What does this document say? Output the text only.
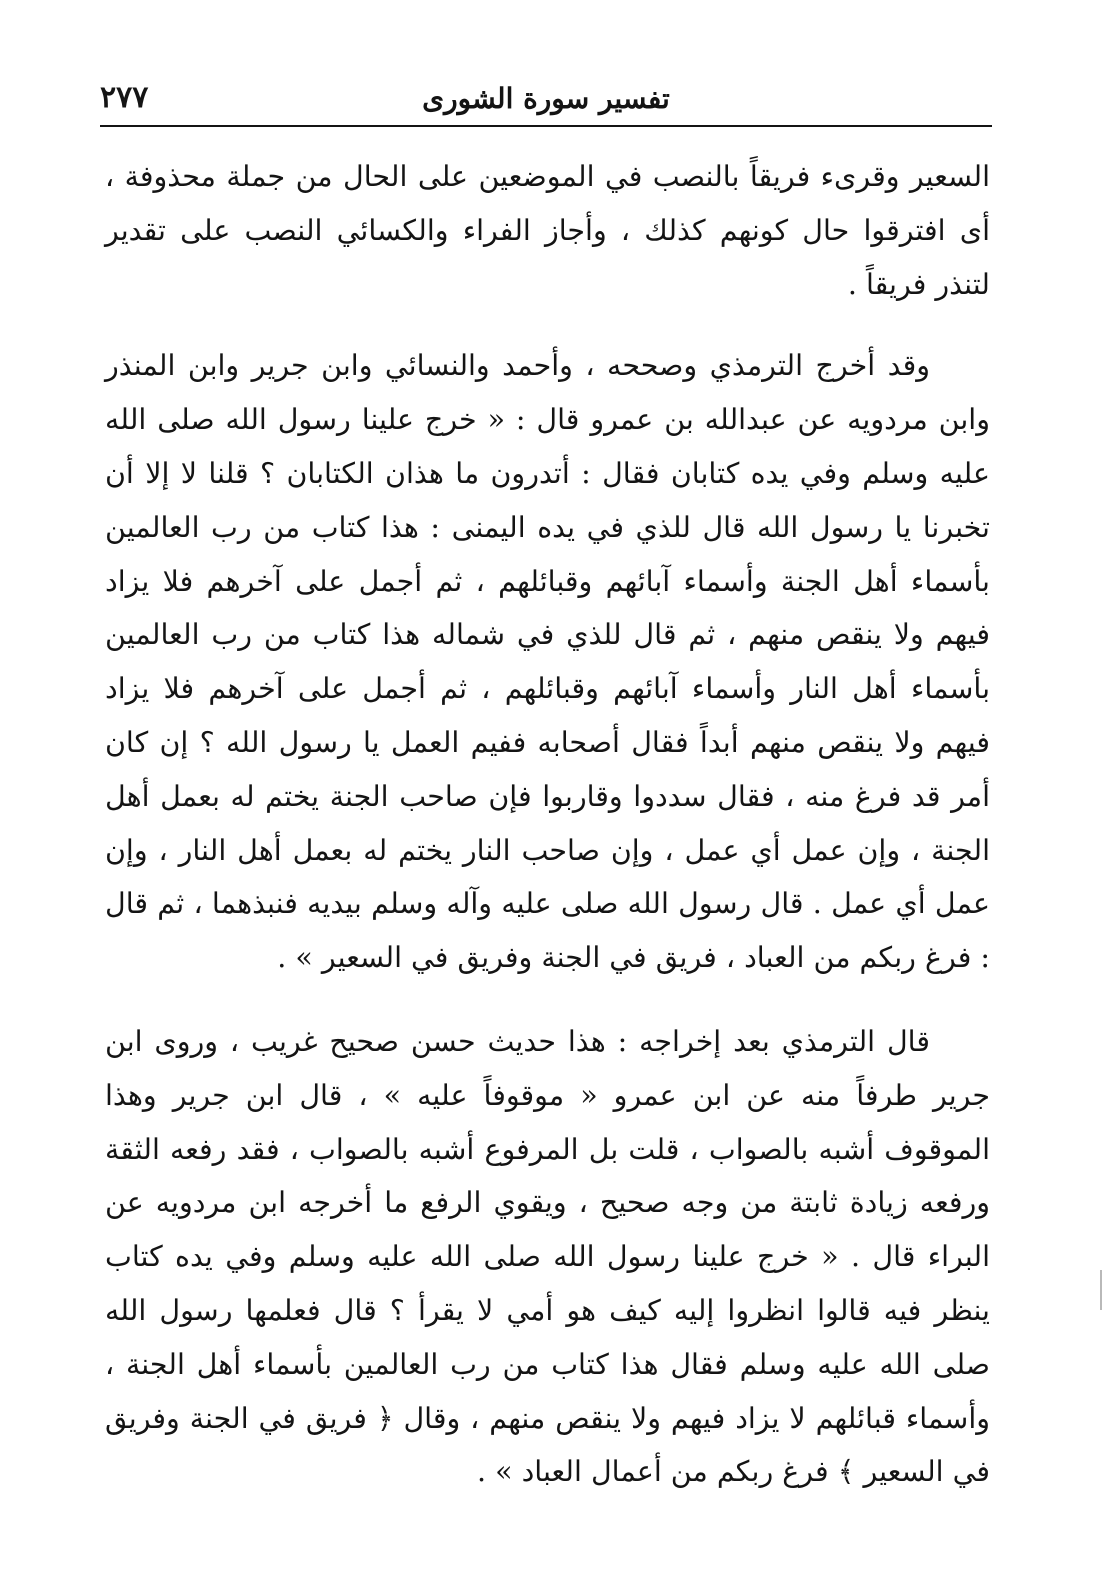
٢٧٧	تفسير سورة الشورى

السعير وقرىء فريقاً بالنصب في الموضعين على الحال من جملة محذوفة ، أى افترقوا حال كونهم كذلك ، وأجاز الفراء والكسائي النصب على تقدير لتنذر فريقاً .

وقد أخرج الترمذي وصححه ، وأحمد والنسائي وابن جرير وابن المنذر وابن مردويه عن عبدالله بن عمرو قال : « خرج علينا رسول الله صلى الله عليه وسلم وفي يده كتابان فقال : أتدرون ما هذان الكتابان ؟ قلنا لا إلا أن تخبرنا يا رسول الله قال للذي في يده اليمنى : هذا كتاب من رب العالمين بأسماء أهل الجنة وأسماء آبائهم وقبائلهم ، ثم أجمل على آخرهم فلا يزاد فيهم ولا ينقص منهم ، ثم قال للذي في شماله هذا كتاب من رب العالمين بأسماء أهل النار وأسماء آبائهم وقبائلهم ، ثم أجمل على آخرهم فلا يزاد فيهم ولا ينقص منهم أبداً فقال أصحابه ففيم العمل يا رسول الله ؟ إن كان أمر قد فرغ منه ، فقال سددوا وقاربوا فإن صاحب الجنة يختم له بعمل أهل الجنة ، وإن عمل أي عمل ، وإن صاحب النار يختم له بعمل أهل النار ، وإن عمل أي عمل . قال رسول الله صلى عليه وآله وسلم بيديه فنبذهما ، ثم قال : فرغ ربكم من العباد ، فريق في الجنة وفريق في السعير » .

قال الترمذي بعد إخراجه : هذا حديث حسن صحيح غريب ، وروى ابن جرير طرفاً منه عن ابن عمرو « موقوفاً عليه » ، قال ابن جرير وهذا الموقوف أشبه بالصواب ، قلت بل المرفوع أشبه بالصواب ، فقد رفعه الثقة ورفعه زيادة ثابتة من وجه صحيح ، ويقوي الرفع ما أخرجه ابن مردويه عن البراء قال . « خرج علينا رسول الله صلى الله عليه وسلم وفي يده كتاب ينظر فيه قالوا انظروا إليه كيف هو أمي لا يقرأ ؟ قال فعلمها رسول الله صلى الله عليه وسلم فقال هذا كتاب من رب العالمين بأسماء أهل الجنة ، وأسماء قبائلهم لا يزاد فيهم ولا ينقص منهم ، وقال ﴿ فريق في الجنة وفريق في السعير ﴾ فرغ ربكم من أعمال العباد » .
